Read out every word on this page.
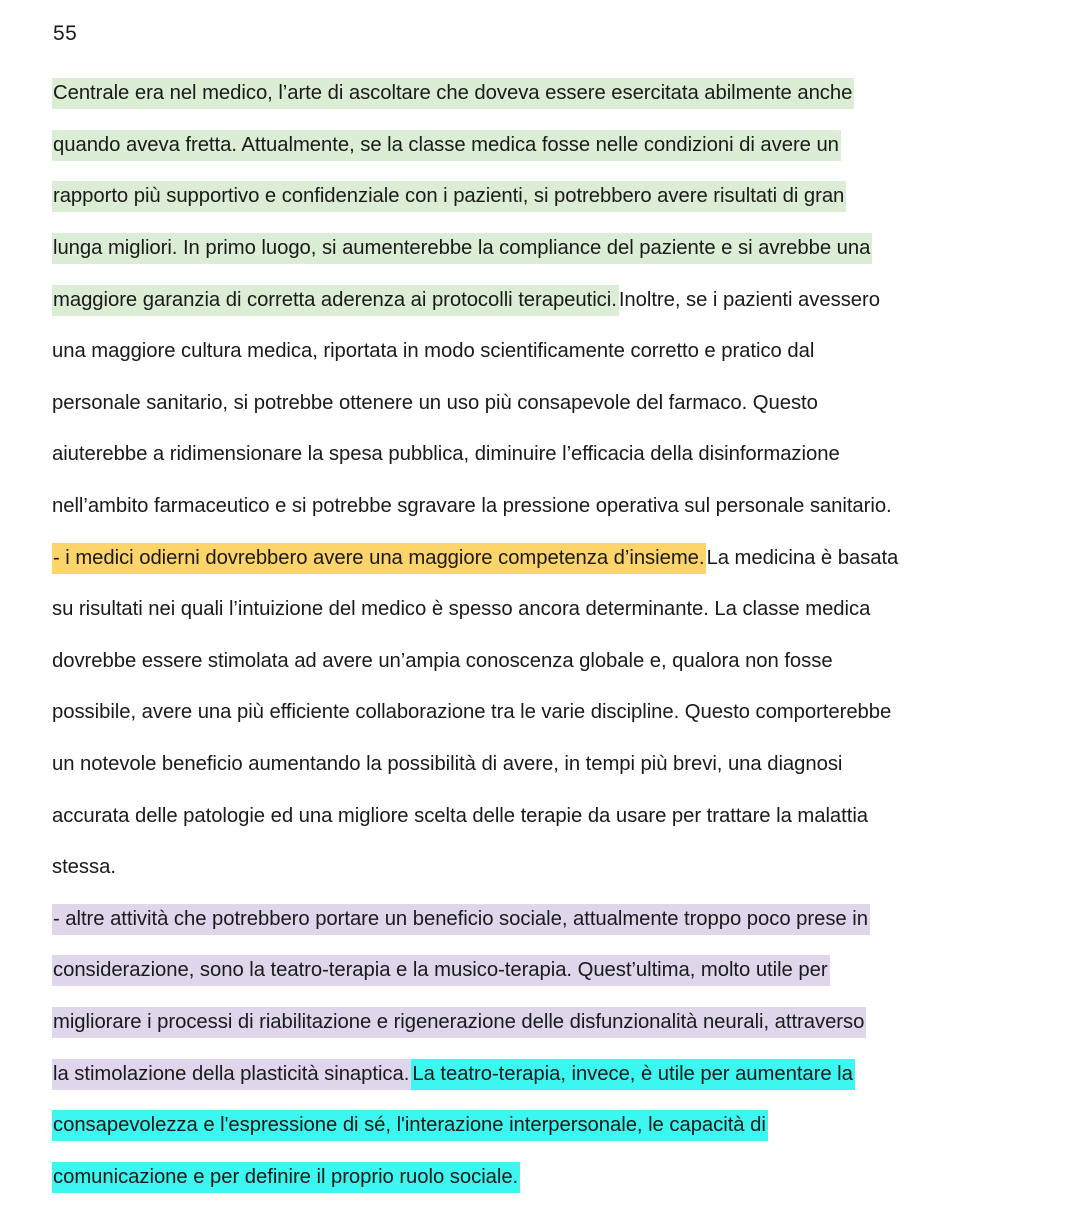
55
Centrale era nel medico, l’arte di ascoltare che doveva essere esercitata abilmente anche
quando aveva fretta. Attualmente, se la classe medica fosse nelle condizioni di avere un
rapporto più supportivo e confidenziale con i pazienti, si potrebbero avere risultati di gran
lunga migliori. In primo luogo, si aumenterebbe la compliance del paziente e si avrebbe una
maggiore garanzia di corretta aderenza ai protocolli terapeutici. Inoltre, se i pazienti avessero
una maggiore cultura medica, riportata in modo scientificamente corretto e pratico dal
personale sanitario, si potrebbe ottenere un uso più consapevole del farmaco. Questo
aiuterebbe a ridimensionare la spesa pubblica, diminuire l’efficacia della disinformazione
nell’ambito farmaceutico e si potrebbe sgravare la pressione operativa sul personale sanitario.
- i medici odierni dovrebbero avere una maggiore competenza d’insieme. La medicina è basata
su risultati nei quali l’intuizione del medico è spesso ancora determinante. La classe medica
dovrebbe essere stimolata ad avere un’ampia conoscenza globale e, qualora non fosse
possibile, avere una più efficiente collaborazione tra le varie discipline. Questo comporterebbe
un notevole beneficio aumentando la possibilità di avere, in tempi più brevi, una diagnosi
accurata delle patologie ed una migliore scelta delle terapie da usare per trattare la malattia
stessa.
- altre attività che potrebbero portare un beneficio sociale, attualmente troppo poco prese in
considerazione, sono la teatro-terapia e la musico-terapia. Quest’ultima, molto utile per
migliorare i processi di riabilitazione e rigenerazione delle disfunzionalità neurali, attraverso
la stimolazione della plasticità sinaptica. La teatro-terapia, invece, è utile per aumentare la
consapevolezza e l'espressione di sé, l'interazione interpersonale, le capacità di
comunicazione e per definire il proprio ruolo sociale.
